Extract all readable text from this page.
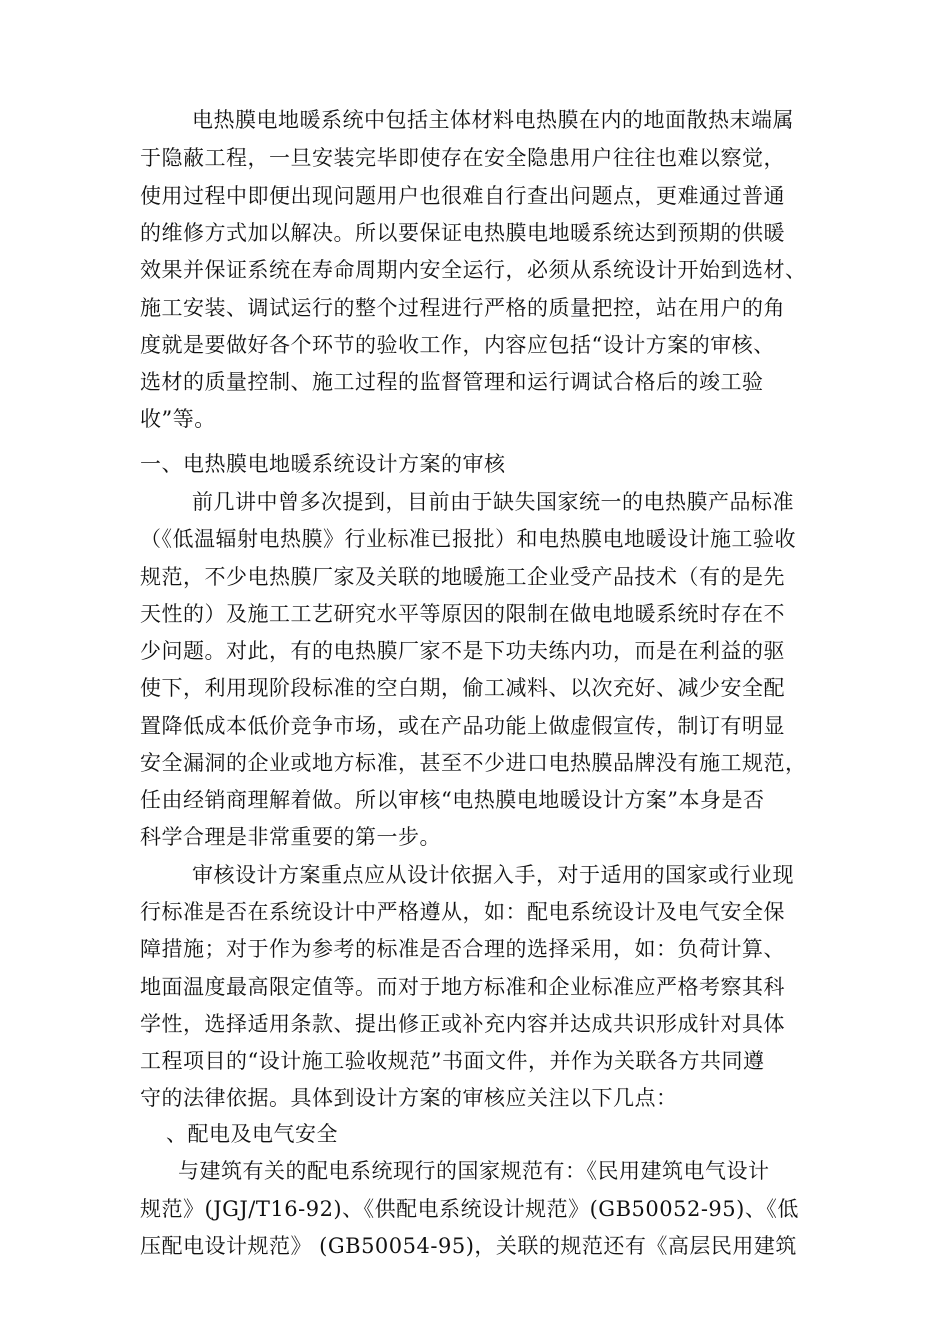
电热膜电地暖系统中包括主体材料电热膜在内的地面散热末端属
于隐蔽工程，一旦安装完毕即使存在安全隐患用户往往也难以察觉，
使用过程中即便出现问题用户也很难自行查出问题点，更难通过普通
的维修方式加以解决。所以要保证电热膜电地暖系统达到预期的供暖
效果并保证系统在寿命周期内安全运行，必须从系统设计开始到选材、
施工安装、调试运行的整个过程进行严格的质量把控，站在用户的角
度就是要做好各个环节的验收工作，内容应包括“设计方案的审核、
选材的质量控制、施工过程的监督管理和运行调试合格后的竣工验
收”等。
一、电热膜电地暖系统设计方案的审核
前几讲中曾多次提到，目前由于缺失国家统一的电热膜产品标准
（《低温辐射电热膜》行业标准已报批）和电热膜电地暖设计施工验收
规范，不少电热膜厂家及关联的地暖施工企业受产品技术（有的是先
天性的）及施工工艺研究水平等原因的限制在做电地暖系统时存在不
少问题。对此，有的电热膜厂家不是下功夫练内功，而是在利益的驱
使下，利用现阶段标准的空白期，偷工减料、以次充好、减少安全配
置降低成本低价竞争市场，或在产品功能上做虚假宣传，制订有明显
安全漏洞的企业或地方标准，甚至不少进口电热膜品牌没有施工规范，
任由经销商理解着做。所以审核“电热膜电地暖设计方案”本身是否
科学合理是非常重要的第一步。
审核设计方案重点应从设计依据入手，对于适用的国家或行业现
行标准是否在系统设计中严格遵从，如：配电系统设计及电气安全保
障措施；对于作为参考的标准是否合理的选择采用，如：负荷计算、
地面温度最高限定值等。而对于地方标准和企业标准应严格考察其科
学性，选择适用条款、提出修正或补充内容并达成共识形成针对具体
工程项目的“设计施工验收规范”书面文件，并作为关联各方共同遵
守的法律依据。具体到设计方案的审核应关注以下几点：
、配电及电气安全
与建筑有关的配电系统现行的国家规范有：《民用建筑电气设计
规范》(JGJ/T16-92)、《供配电系统设计规范》(GB50052-95)、《低
压配电设计规范》 (GB50054-95)，关联的规范还有《高层民用建筑
